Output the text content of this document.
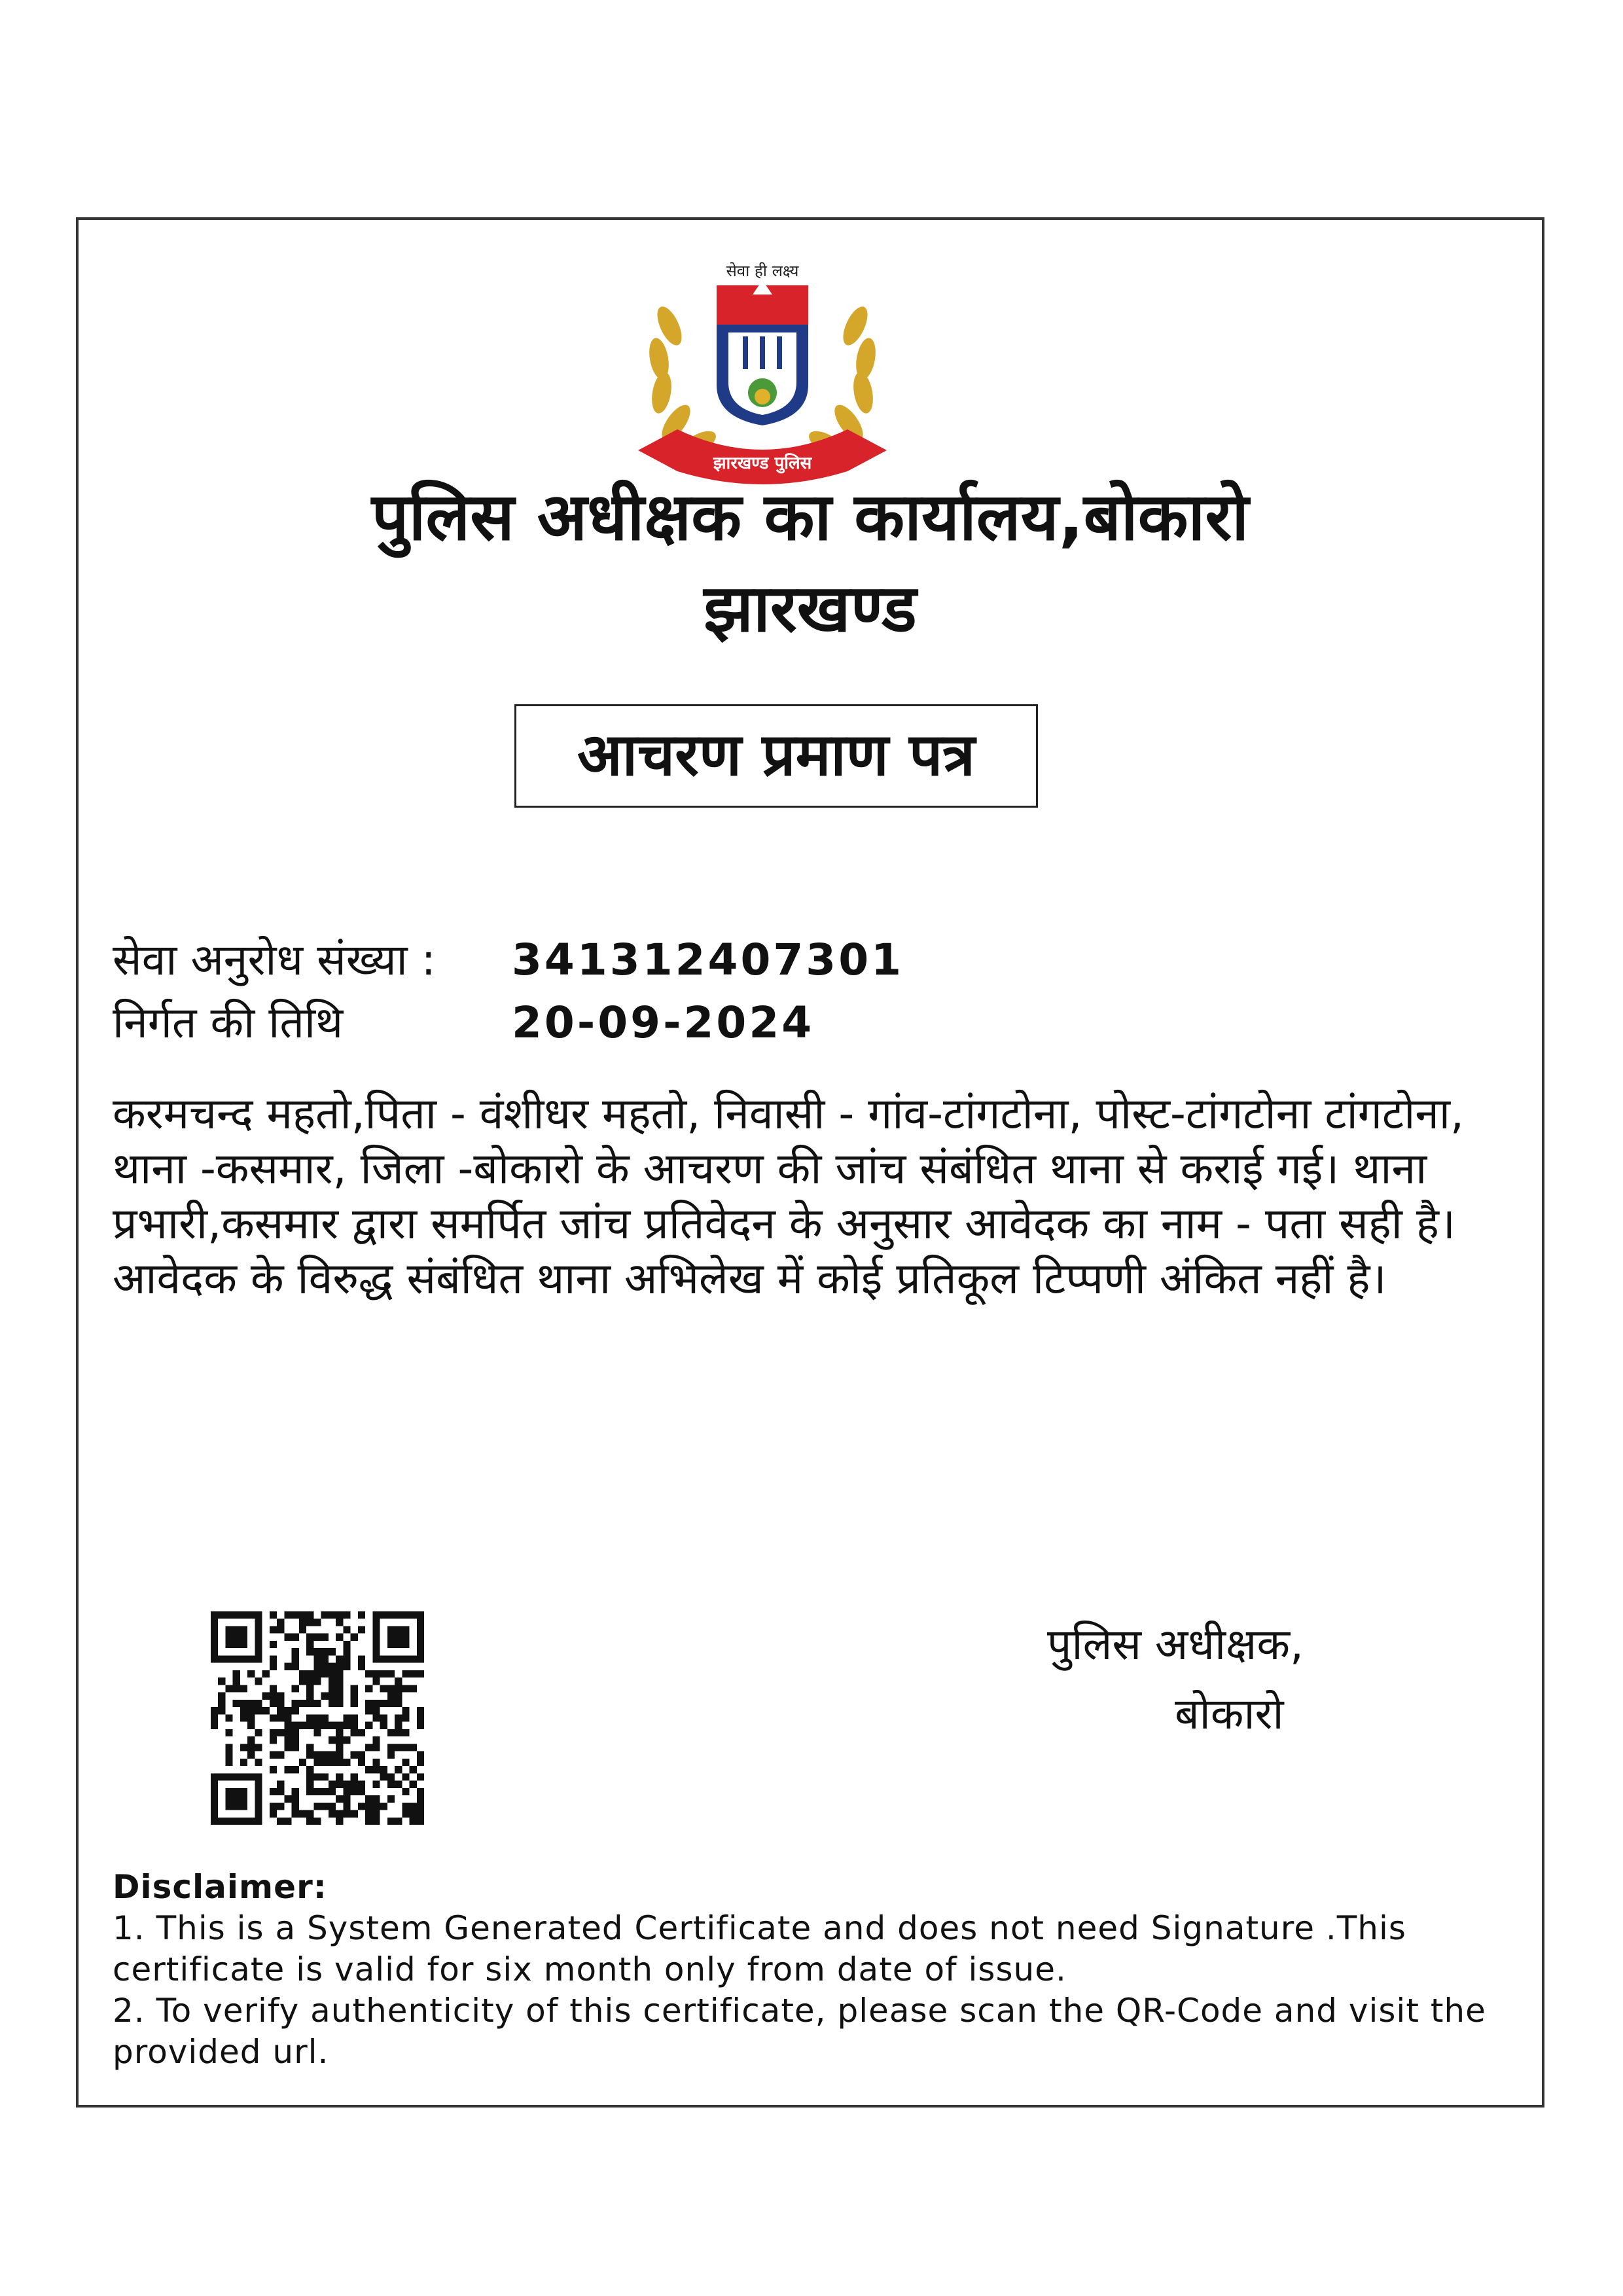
सेवा ही लक्ष्य
झारखण्ड पुलिस
पुलिस अधीक्षक का कार्यालय,बोकारो
झारखण्ड
आचरण प्रमाण पत्र
सेवा अनुरोध संख्या : 341312407301
निर्गत की तिथि	20-09-2024
करमचन्द महतो,पिता - वंशीधर महतो, निवासी - गांव-टांगटोना, पोस्ट-टांगटोना टांगटोना, थाना -कसमार, जिला -बोकारो के आचरण की जांच संबंधित थाना से कराई गई। थाना प्रभारी,कसमार द्वारा समर्पित जांच प्रतिवेदन के अनुसार आवेदक का नाम - पता सही है। आवेदक के विरुद्ध संबंधित थाना अभिलेख में कोई प्रतिकूल टिप्पणी अंकित नहीं है।
पुलिस अधीक्षक,
बोकारो
Disclaimer:
1. This is a System Generated Certificate and does not need Signature .This certificate is valid for six month only from date of issue.
2. To verify authenticity of this certificate, please scan the QR-Code and visit the provided url.
